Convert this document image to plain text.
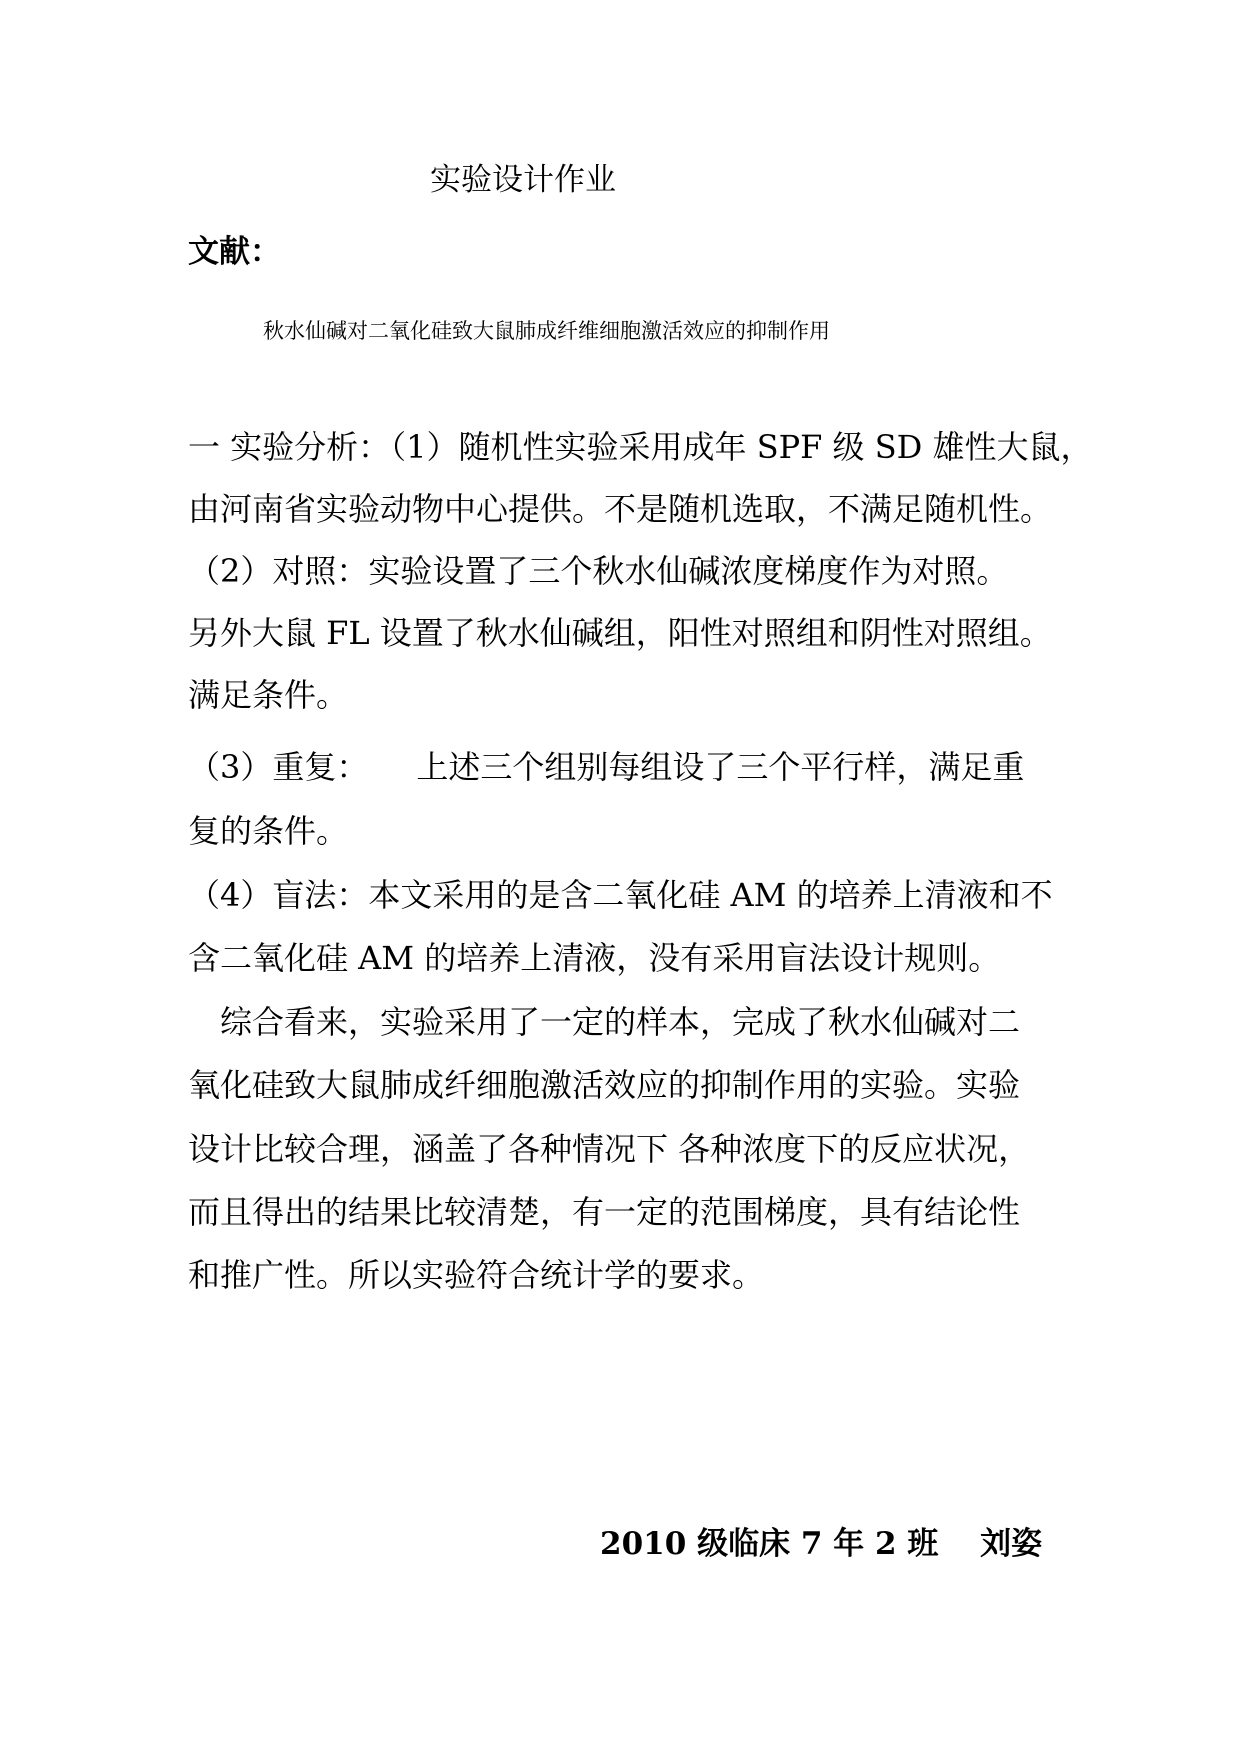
实验设计作业
文献：
秋水仙碱对二氧化硅致大鼠肺成纤维细胞激活效应的抑制作用
一 实验分析：（1）随机性实验采用成年 SPF 级 SD 雄性大鼠，
由河南省实验动物中心提供。不是随机选取，不满足随机性。
（2）对照：实验设置了三个秋水仙碱浓度梯度作为对照。
另外大鼠 FL 设置了秋水仙碱组，阳性对照组和阴性对照组。
满足条件。
（3）重复：　　上述三个组别每组设了三个平行样，满足重
复的条件。
（4）盲法：本文采用的是含二氧化硅 AM 的培养上清液和不
含二氧化硅 AM 的培养上清液，没有采用盲法设计规则。
　综合看来，实验采用了一定的样本，完成了秋水仙碱对二
氧化硅致大鼠肺成纤细胞激活效应的抑制作用的实验。实验
设计比较合理，涵盖了各种情况下 各种浓度下的反应状况，
而且得出的结果比较清楚，有一定的范围梯度，具有结论性
和推广性。所以实验符合统计学的要求。
2010 级临床 7 年 2 班　 刘姿
